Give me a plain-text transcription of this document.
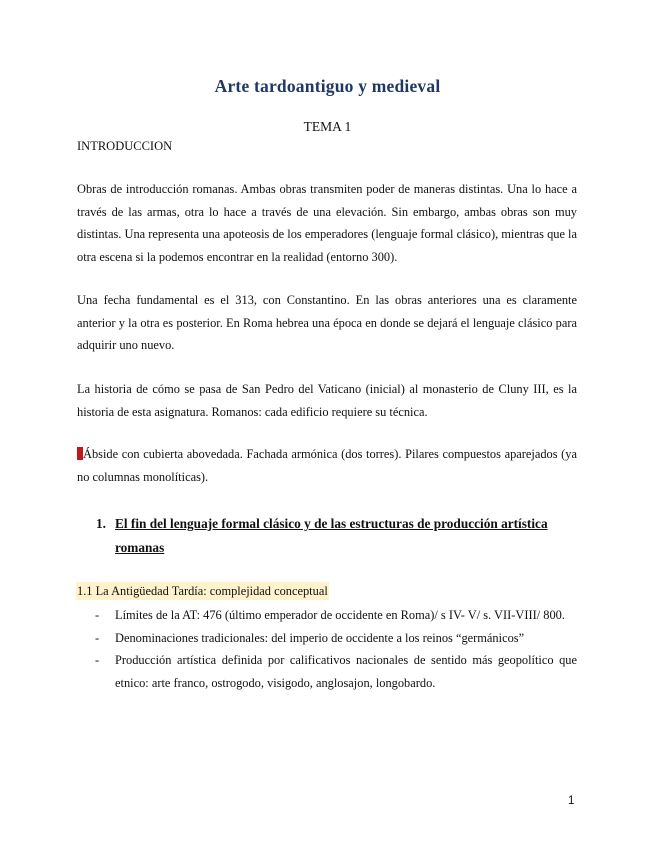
Arte tardoantiguo y medieval
TEMA 1
INTRODUCCION

Obras de introducción romanas. Ambas obras transmiten poder de maneras distintas. Una lo hace a través de las armas, otra lo hace a través de una elevación. Sin embargo, ambas obras son muy distintas. Una representa una apoteosis de los emperadores (lenguaje formal clásico), mientras que la otra escena si la podemos encontrar en la realidad (entorno 300).

Una fecha fundamental es el 313, con Constantino. En las obras anteriores una es claramente anterior y la otra es posterior. En Roma hebrea una época en donde se dejará el lenguaje clásico para adquirir uno nuevo.

La historia de cómo se pasa de San Pedro del Vaticano (inicial) al monasterio de Cluny III, es la historia de esta asignatura. Romanos: cada edificio requiere su técnica.

Ábside con cubierta abovedada. Fachada armónica (dos torres). Pilares compuestos aparejados (ya no columnas monolíticas).

1. El fin del lenguaje formal clásico y de las estructuras de producción artística romanas
1.1 La Antigüedad Tardía: complejidad conceptual
- Límites de la AT: 476 (último emperador de occidente en Roma)/ s IV- V/ s. VII-VIII/ 800.
- Denominaciones tradicionales: del imperio de occidente a los reinos “germánicos”
- Producción artística definida por calificativos nacionales de sentido más geopolítico que etnico: arte franco, ostrogodo, visigodo, anglosajon, longobardo.
1
